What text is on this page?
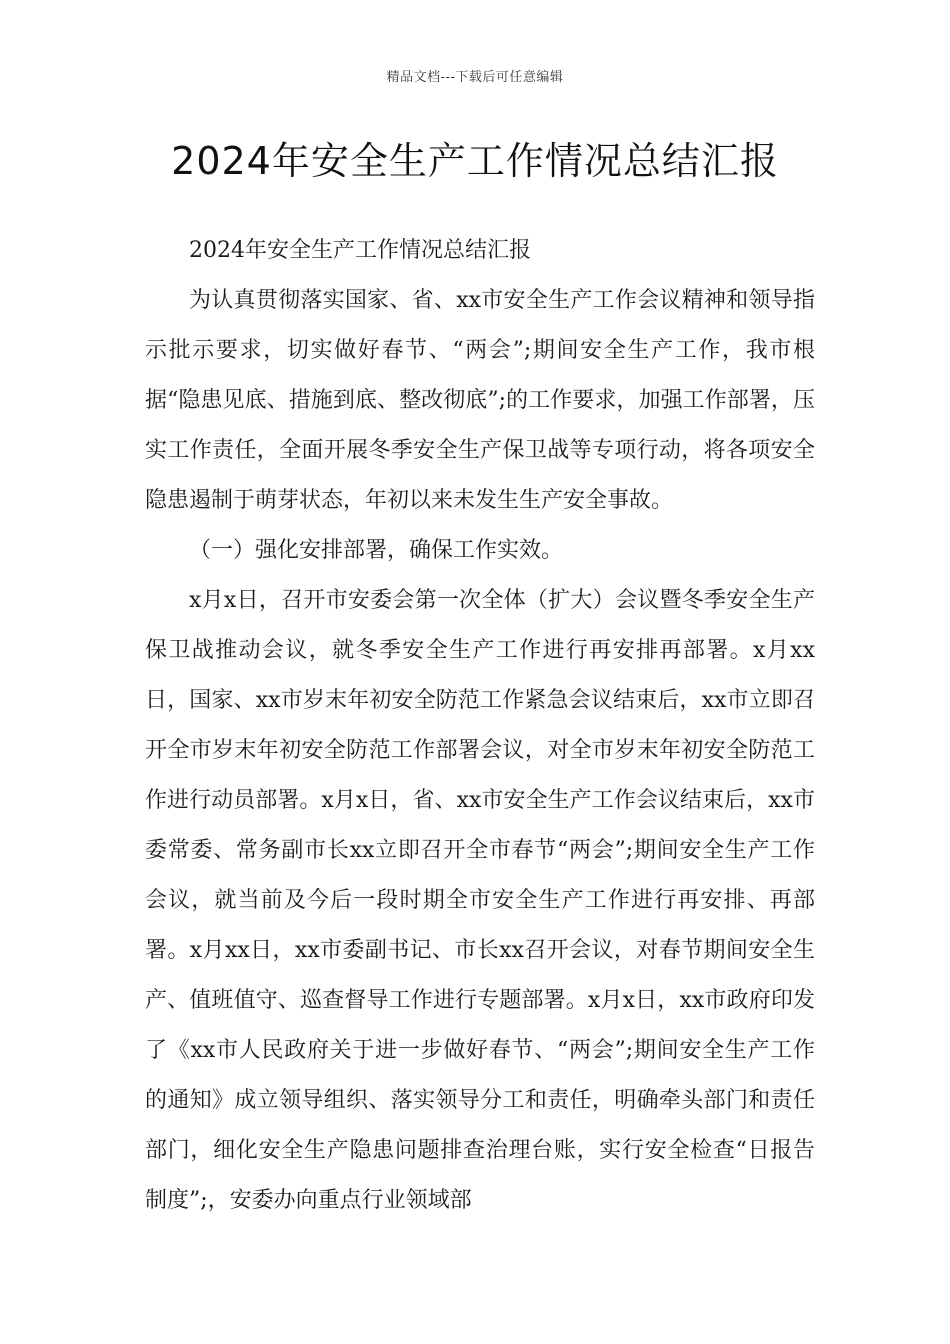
精品文档---下载后可任意编辑
2024年安全生产工作情况总结汇报

2024年安全生产工作情况总结汇报

为认真贯彻落实国家、省、xx市安全生产工作会议精神和领导指示批示要求，切实做好春节、“两会”;期间安全生产工作，我市根据“隐患见底、措施到底、整改彻底”;的工作要求，加强工作部署，压实工作责任，全面开展冬季安全生产保卫战等专项行动，将各项安全隐患遏制于萌芽状态，年初以来未发生生产安全事故。

（一）强化安排部署，确保工作实效。

x月x日，召开市安委会第一次全体（扩大）会议暨冬季安全生产保卫战推动会议，就冬季安全生产工作进行再安排再部署。x月xx日，国家、xx市岁末年初安全防范工作紧急会议结束后，xx市立即召开全市岁末年初安全防范工作部署会议，对全市岁末年初安全防范工作进行动员部署。x月x日，省、xx市安全生产工作会议结束后，xx市委常委、常务副市长xx立即召开全市春节“两会”;期间安全生产工作会议，就当前及今后一段时期全市安全生产工作进行再安排、再部署。x月xx日，xx市委副书记、市长xx召开会议，对春节期间安全生产、值班值守、巡查督导工作进行专题部署。x月x日，xx市政府印发了《xx市人民政府关于进一步做好春节、“两会”;期间安全生产工作的通知》成立领导组织、落实领导分工和责任，明确牵头部门和责任部门，细化安全生产隐患问题排查治理台账，实行安全检查“日报告制度”;，安委办向重点行业领域部
